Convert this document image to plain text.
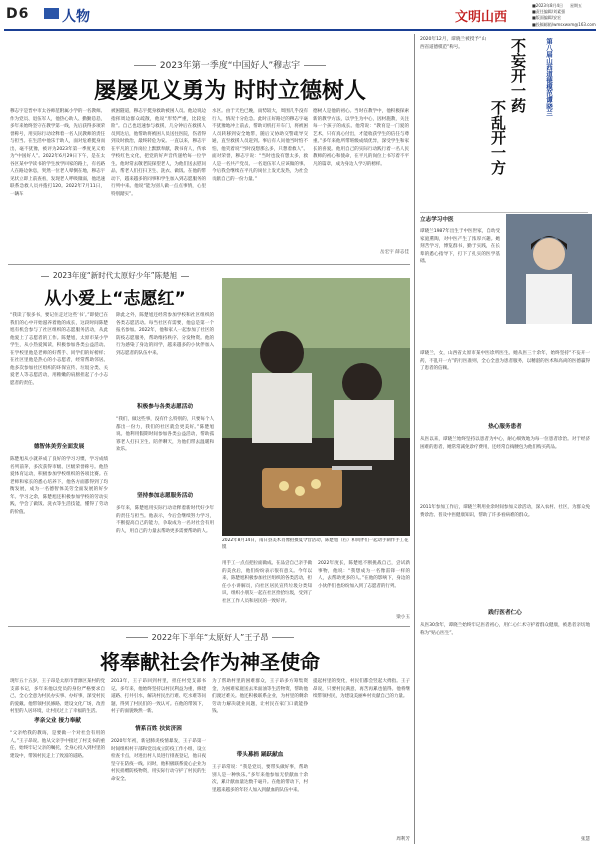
D6 人物	文明山西
■2023年8月4日	星期五
■责任编辑/刘素强
■版面编辑/安宏
■投稿邮箱/wmsxwxm@163.com
2023年第一季度“中国好人”穆志宇
屡屡见义勇为 时时立德树人
穆志宇是晋中市太谷师范附属小学的一名教师。作为党员、退伍军人，他热心助人、勤勤恳恳，多年来始终坚守在教学第一线，先后获得多项荣誉称号，用实际行动诠释着一名人民教师的责任与担当。在生活中他乐于助人，面对危难挺身而出，毫不犹豫，被评为2023年第一季度见义勇为“中国好人”。2022年6月29日下午，是在太谷区某中学读书的学生放学回家的路上，有名路人在路边休息，突然一位老人晕倒在地，穆志宇见状立即上前查看，发现老人呼吸微弱，他迅速联系急救人员并拨打120。2022年7月11日，一辆车
被困隧道，穆志宇挺身救助被困人员。他边说边指挥周边群众疏散，他说“形势严重，比较危险”。自己也迅速参与救援，几分钟后在救援人员到达后，他帮助将被困人员送往医院，伤者得到及时救治，最终转危为安。一直以来，穆志宇在平凡的工作岗位上默默奉献，教书育人，传承学校红色文化，把党的好声音传递给每一位学生。他时常去敬老院探望老人，为他们送去慰问品，帮老人们打扫卫生、洗衣、做饭。在他的带动下，越来越多的同事和学生加入到志愿服务的行列中来。他说“能为别人做一点点事情，心里特别踏实”。
水区。由于天色已晚，雨势较大，周围几乎没有行人，情况十分危急。此时正好路过的穆志宇毫不犹豫地冲上前去，帮助司机打开车门，将被困人员转移到安全地带，随后又协助交警疏导交通，直至救援人员赶到。事后有人问他当时怕不怕，他笑着说“当时没想那么多，只想着救人”。面对荣誉，穆志宇说：“当时也没有想太多，救人是一名共产党员、一名退伍军人应该做的事。今后我会继续在平凡的岗位上发光发热，为社会贡献自己的一份力量。”
德树人是他的初心。当时在教学中，他积极探索新的教学方法，以学生为中心，因材施教，关注每一个孩子的成长。他常说：“教育是一门爱的艺术，只有真心付出，才能收获学生的信任与尊重。”多年来他所带班级成绩优异，深受学生和家长的喜爱。他用自己的实际行动践行着一名人民教师的初心和使命，在平凡的岗位上书写着不平凡的篇章，成为身边人学习的榜样。
岳宏宇 薛志佳
2023年度“新时代太原好少年”陈楚旭
从小爱上“志愿红”
“我读了很多书，要记住走过这些‘书’。”即使已在我们的心中开始滋养着他的成长，这段时间陈楚旭有机会参与了社区组织的志愿服务活动，从此他爱上了志愿者的工作。陈楚旭，太原市某小学学生，从小热爱阅读，积极参加各类公益活动。在学校里他是老师的好帮手、同学们的好榜样；在社区里他是热心的小志愿者，经常帮助邻居。他多次参加社区组织的环保宣传、垃圾分类、关爱老人等志愿活动，用稚嫩的肩膀担起了小小志愿者的责任。
德智体美劳全面发展
陈楚旭从小就养成了良好的学习习惯，学习成绩名列前茅，多次获得市级、区级荣誉称号。他热爱体育运动，积极参加学校组织的各项比赛。在老师和家长的悉心培养下，他各方面都得到了均衡发展，成为一名德智体美劳全面发展的好少年。学习之余，陈楚旭还积极参加学校的劳动实践，学会了做饭、洗衣等生活技能，懂得了劳动的价值。
除此之外，陈楚旭还经常参加学校和社区组织的各类志愿活动。每当社区有需要，他总是第一个报名参加。2022年，他和家人一起参加了社区的防疫志愿服务，帮助维持秩序、分发物资。他的行为感染了身边的同学，越来越多的小伙伴加入到志愿者的队伍中来。
积极参与各类志愿活动
“我们，做这些事，没有什么特别的，只要每个人都出一份力，我们的社区就会更美好。”陈楚旭说。他利用假期时间参加各类公益活动，帮助孤寡老人打扫卫生、陪伴聊天，为他们带去温暖和欢乐。
坚持参加志愿服务活动
多年来，陈楚旭用实际行动诠释着新时代好少年的责任与担当。他表示，今后会继续努力学习，不断提高自己的能力，争取成为一名对社会有用的人，用自己的力量去帮助更多需要帮助的人。
2022年8月14日，南日县美术肖像拍摄夏令营活动，陈楚旭（右）和同伴们一起动手制作手工花馍
用手工一点点把拉面做成。在品尝自己亲手做的美食后，他们纷纷表示很有意义。今年以来，陈楚旭积极参加社区组织的各类活动，担任小小讲解员，向社区居民宣传垃圾分类知识，组织小朋友一起在社区捡拾垃圾，受到了社区工作人员和居民的一致好评。
2022年度长，陈楚旭不断挑战自己，尝试新事物，他说：“我想成为一名像雷锋一样的人，去帮助更多的人。”在他的影响下，身边的小伙伴们也纷纷加入到了志愿者的行列。
梁小玉
2022年下半年“太原好人”王子昂
将奉献社会作为神圣使命
现年五十五岁，王子昂是太原市晋源区某村的党支部书记，多年来他以党员的身份严格要求自己，全心全意为村民办实事、办好事，深受村民的爱戴。他带领村民修路、建设文化广场，改善村里的人居环境，让村民过上了幸福的生活。
孝亲父业 接力奉献
“父亲给我的教诲，是要做一个对社会有用的人。”王子昂说。他从父亲手中接过了村支书的重任，始终牢记父亲的嘱托，全身心投入到村里的建设中，带领村民走上了致富的道路。
2013年，王子昂回到村里，担任村党支部书记。多年来，他始终坚持以村民利益为重，修建道路、打井引水，解决村民出行难、吃水难等问题，得到了村民们的一致认可。在他的带领下，村子的面貌焕然一新。
情系百姓 扶贫济困
2020年年初，新冠肺炎疫情暴发，王子昂第一时间组织村干部和党员成立防疫工作小组，设立检查卡点，对进出村人员进行排查登记，他日夜坚守在防疫一线。同时，他积极联系爱心企业为村民捐赠防疫物资，用实际行动守护了村民的生命安全。
为了帮助村里的困难群众，王子昂多方筹集资金，为困难家庭送去米面油等生活物资，帮助他们渡过难关。他还积极联系企业，为村里的剩余劳动力解决就业问题，让村民在家门口就能挣钱。
带头募捐 踊跃献血
王子昂常说：“我是党员，要带头做好事，帮助别人是一种快乐。”多年来他参加无偿献血十余次，累计献血量达数千毫升。在他的带动下，村里越来越多的年轻人加入到献血的队伍中来。
提起村里的变化，村民们都会竖起大拇指。王子昂说，只要村民满意，再苦再累也值得。他将继续带领村民，为建设美丽乡村贡献自己的力量。
周利芳
2020年12月，谭晓兰被授予“山西省道德模范”称号。	第八届山西道德模范谭晓兰
不妄开一药
不乱开一方
立志学习中医
谭晓兰1987年出生于中医世家，自幼受家庭熏陶，对中医产生了浓厚兴趣。她刻苦学习，博览群书，勤于实践，在长辈的悉心指导下，打下了扎实的医学基础。
谭晓兰，女，山西省太原市某中医诊所医生。她从医三十余年，始终坚持“不妄开一药，不乱开一方”的行医准则，全心全意为患者服务，以精湛的医术和高尚的医德赢得了患者的信赖。
热心服务患者
从医以来，谭晓兰始终坚持以患者为中心，耐心细致地为每一位患者诊治。对于经济困难的患者，她常常减免诊疗费用，还经常自掏腰包为他们购买药品。
2011年参加工作后，谭晓兰利用业余时间参加义诊活动，深入农村、社区，为群众免费诊治、普及中医健康知识，帮助了许多看病难的群众。
践行医者仁心
从医30余年，谭晓兰始终牢记医者初心，用仁心仁术守护着群众健康，被患者亲切地称为“贴心医生”。
张慧
